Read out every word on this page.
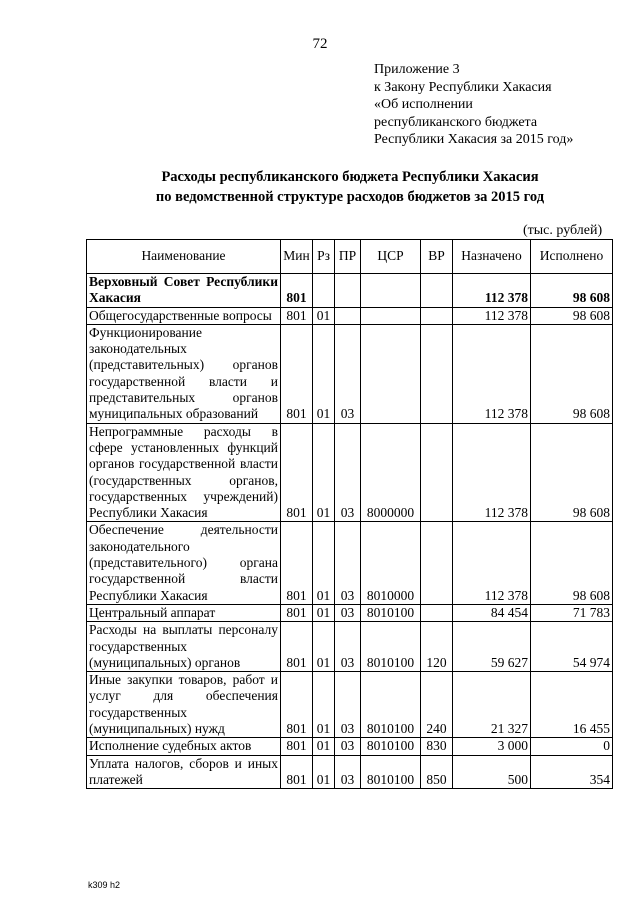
72
Приложение 3
к Закону Республики Хакасия
«Об исполнении
республиканского бюджета
Республики Хакасия за 2015 год»
Расходы республиканского бюджета Республики Хакасия
по ведомственной структуре расходов бюджетов за 2015 год
(тыс. рублей)
Наименование	Мин	Рз	ПР	ЦСР	ВР	Назначено	Исполнено
Верховный Совет Республики Хакасия	801					112 378	98 608
Общегосударственные вопросы	801	01				112 378	98 608
Функционирование законодательных (представительных) органов государственной власти и представительных органов муниципальных образований	801	01	03			112 378	98 608
Непрограммные расходы в сфере установленных функций органов государственной власти (государственных органов, государственных учреждений) Республики Хакасия	801	01	03	8000000		112 378	98 608
Обеспечение деятельности законодательного (представительного) органа государственной власти Республики Хакасия	801	01	03	8010000		112 378	98 608
Центральный аппарат	801	01	03	8010100		84 454	71 783
Расходы на выплаты персоналу государственных (муниципальных) органов	801	01	03	8010100	120	59 627	54 974
Иные закупки товаров, работ и услуг для обеспечения государственных (муниципальных) нужд	801	01	03	8010100	240	21 327	16 455
Исполнение судебных актов	801	01	03	8010100	830	3 000	0
Уплата налогов, сборов и иных платежей	801	01	03	8010100	850	500	354
k309 h2
